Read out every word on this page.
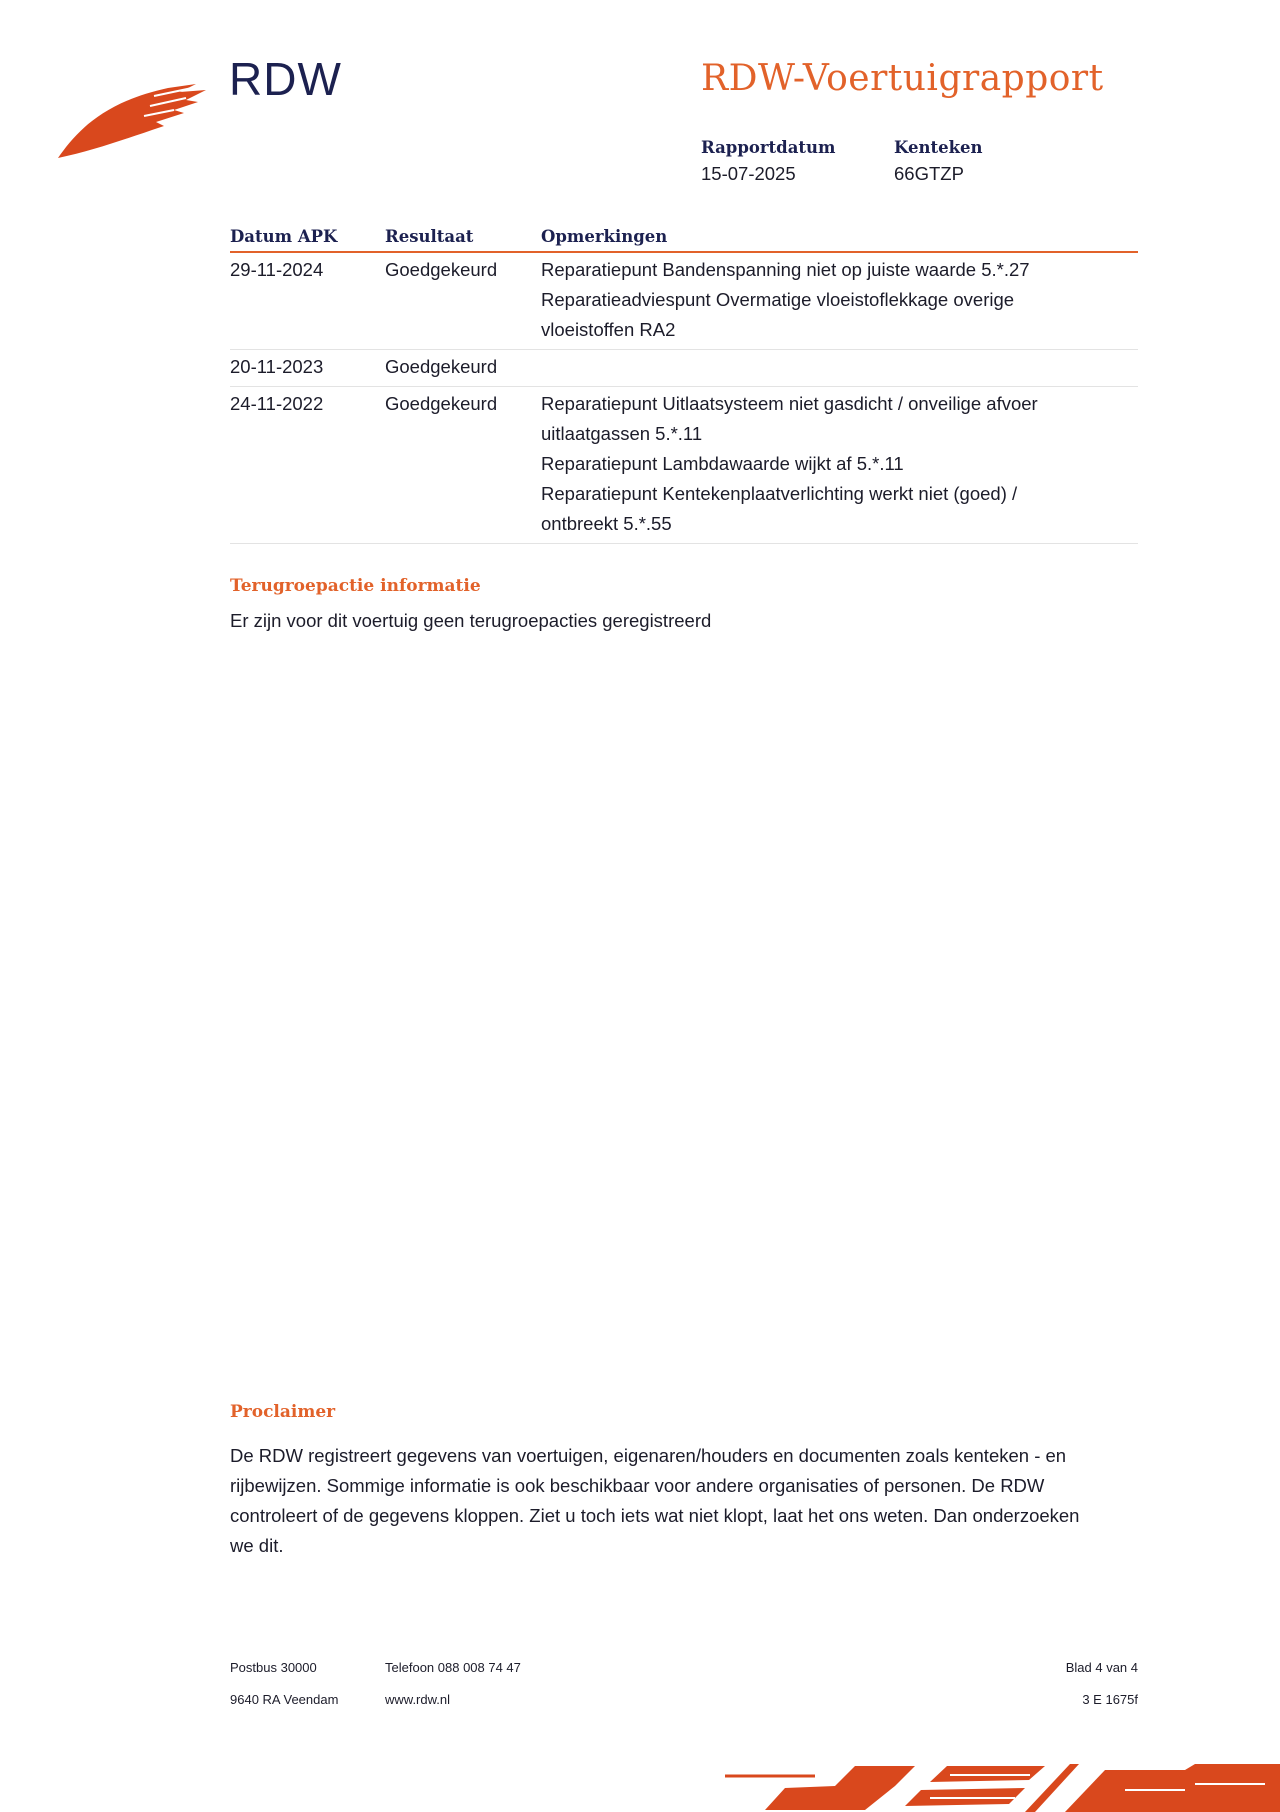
RDW	RDW-Voertuigrapport
Rapportdatum
15-07-2025
Kenteken
66GTZP
Datum APK	Resultaat	Opmerkingen
29-11-2024	Goedgekeurd Reparatiepunt Bandenspanning niet op juiste waarde 5.*.27
Reparatieadviespunt Overmatige vloeistoflekkage overige
vloeistoffen RA2
20-11-2023	Goedgekeurd
24-11-2022	Goedgekeurd Reparatiepunt Uitlaatsysteem niet gasdicht / onveilige afvoer
uitlaatgassen 5.*.11
Reparatiepunt Lambdawaarde wijkt af 5.*.11
Reparatiepunt Kentekenplaatverlichting werkt niet (goed) /
ontbreekt 5.*.55
Terugroepactie informatie
Er zijn voor dit voertuig geen terugroepacties geregistreerd
Proclaimer
De RDW registreert gegevens van voertuigen, eigenaren/houders en documenten zoals kenteken - en
rijbewijzen. Sommige informatie is ook beschikbaar voor andere organisaties of personen. De RDW
controleert of de gegevens kloppen. Ziet u toch iets wat niet klopt, laat het ons weten. Dan onderzoeken
we dit.
Postbus 30000
9640 RA Veendam
Telefoon 088 008 74 47
www.rdw.nl
Blad 4 van 4
3 E 1675f
